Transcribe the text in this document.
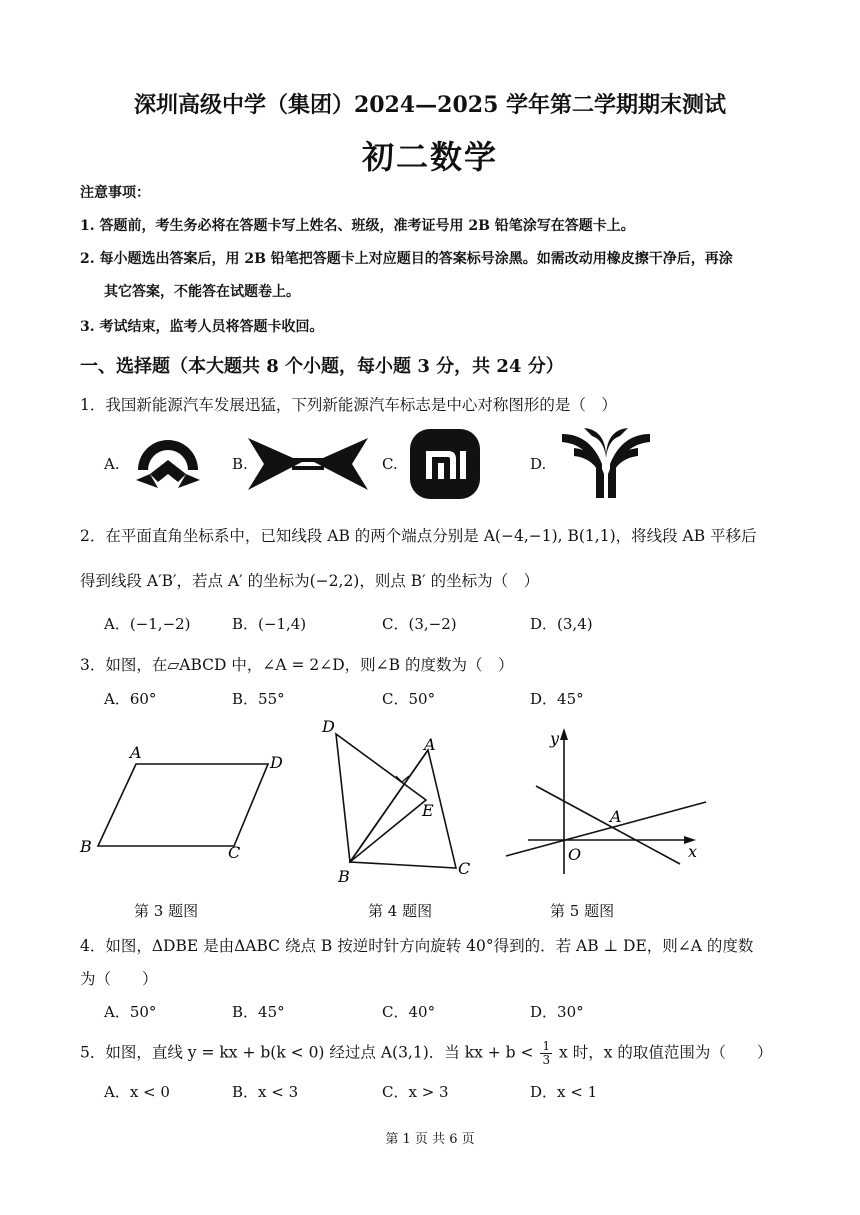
深圳高级中学（集团）2024—2025 学年第二学期期末测试
初二数学
注意事项：
1. 答题前，考生务必将在答题卡写上姓名、班级，准考证号用 2B 铅笔涂写在答题卡上。
2. 每小题选出答案后，用 2B 铅笔把答题卡上对应题目的答案标号涂黑。如需改动用橡皮擦干净后，再涂
其它答案，不能答在试题卷上。
3. 考试结束，监考人员将答题卡收回。
一、选择题（本大题共 8 个小题，每小题 3 分，共 24 分）
1．我国新能源汽车发展迅猛，下列新能源汽车标志是中心对称图形的是（　）
A.	B.	C.	D.
2．在平面直角坐标系中，已知线段 AB 的两个端点分别是 A(−4,−1), B(1,1)，将线段 AB 平移后
得到线段 A′B′，若点 A′ 的坐标为(−2,2)，则点 B′ 的坐标为（　）
A．(−1,−2)	B．(−1,4)	C．(3,−2)	D．(3,4)
3．如图，在▱ABCD 中，∠A = 2∠D，则∠B 的度数为（　）
A．60°	B．55°	C．50°	D．45°
A
D
B	C
D
A
E
B	C
y
x
O
A
第 3 题图	第 4 题图	第 5 题图
4．如图，ΔDBE 是由ΔABC 绕点 B 按逆时针方向旋转 40°得到的．若 AB ⊥ DE，则∠A 的度数
为（　　）
A．50°	B．45°	C．40°	D．30°
5．如图，直线 y = kx + b(k < 0) 经过点 A(3,1)．当 kx + $b < \frac{1}{3}$ x 时，x 的取值范围为（　　）
A．x < 0	B．x < 3	C．x > 3	D．x < 1
第 1 页 共 6 页
